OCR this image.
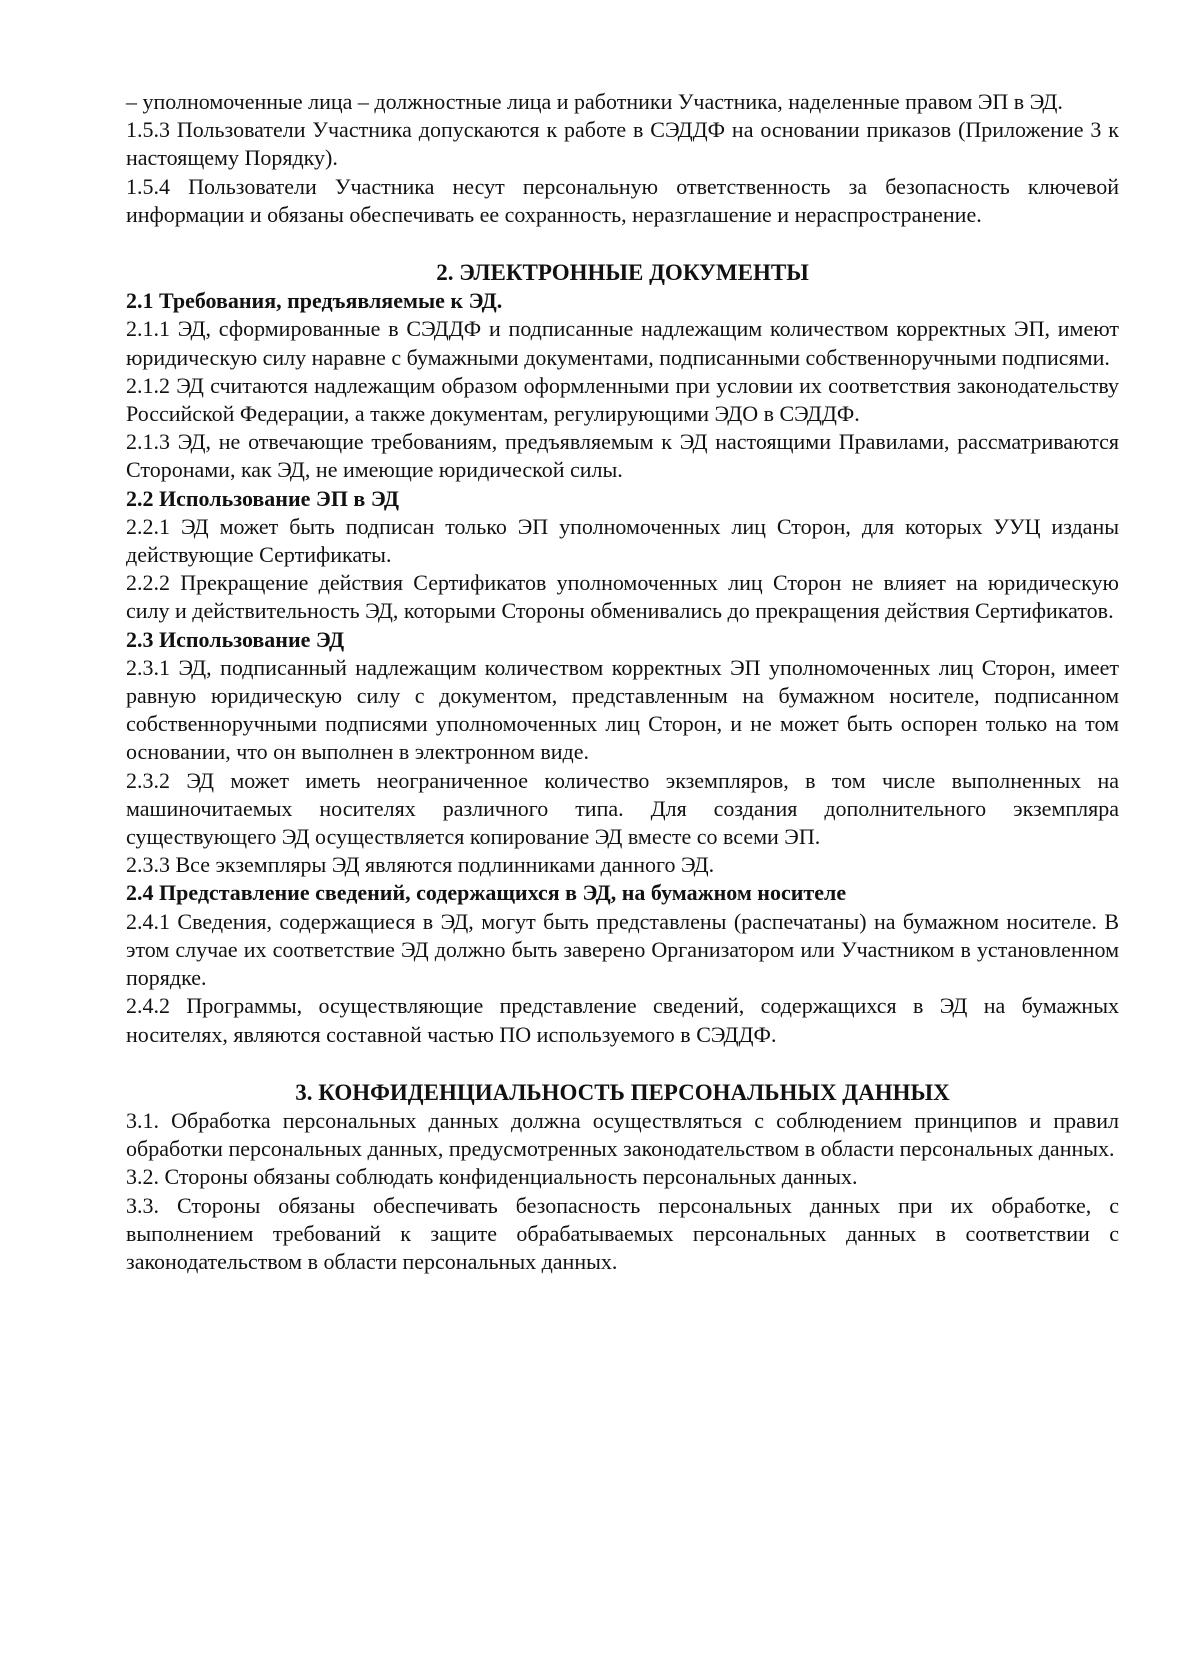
– уполномоченные лица – должностные лица и работники Участника, наделенные правом ЭП в ЭД.

1.5.3 Пользователи Участника допускаются к работе в СЭДДФ на основании приказов (Приложение 3 к настоящему Порядку).

1.5.4 Пользователи Участника несут персональную ответственность за безопасность ключевой информации и обязаны обеспечивать ее сохранность, неразглашение и нераспространение.

2. ЭЛЕКТРОННЫЕ ДОКУМЕНТЫ

2.1 Требования, предъявляемые к ЭД.

2.1.1 ЭД, сформированные в СЭДДФ и подписанные надлежащим количеством корректных ЭП, имеют юридическую силу наравне с бумажными документами, подписанными собственноручными подписями.

2.1.2 ЭД считаются надлежащим образом оформленными при условии их соответствия законодательству Российской Федерации, а также документам, регулирующими ЭДО в СЭДДФ.

2.1.3 ЭД, не отвечающие требованиям, предъявляемым к ЭД настоящими Правилами, рассматриваются Сторонами, как ЭД, не имеющие юридической силы.

2.2 Использование ЭП в ЭД

2.2.1 ЭД может быть подписан только ЭП уполномоченных лиц Сторон, для которых УУЦ изданы действующие Сертификаты.

2.2.2 Прекращение действия Сертификатов уполномоченных лиц Сторон не влияет на юридическую силу и действительность ЭД, которыми Стороны обменивались до прекращения действия Сертификатов.

2.3 Использование ЭД

2.3.1 ЭД, подписанный надлежащим количеством корректных ЭП уполномоченных лиц Сторон, имеет равную юридическую силу с документом, представленным на бумажном носителе, подписанном собственноручными подписями уполномоченных лиц Сторон, и не может быть оспорен только на том основании, что он выполнен в электронном виде.

2.3.2 ЭД может иметь неограниченное количество экземпляров, в том числе выполненных на машиночитаемых носителях различного типа. Для создания дополнительного экземпляра существующего ЭД осуществляется копирование ЭД вместе со всеми ЭП.

2.3.3 Все экземпляры ЭД являются подлинниками данного ЭД.

2.4 Представление сведений, содержащихся в ЭД, на бумажном носителе

2.4.1 Сведения, содержащиеся в ЭД, могут быть представлены (распечатаны) на бумажном носителе. В этом случае их соответствие ЭД должно быть заверено Организатором или Участником в установленном порядке.

2.4.2 Программы, осуществляющие представление сведений, содержащихся в ЭД на бумажных носителях, являются составной частью ПО используемого в СЭДДФ.

3. КОНФИДЕНЦИАЛЬНОСТЬ ПЕРСОНАЛЬНЫХ ДАННЫХ

3.1. Обработка персональных данных должна осуществляться с соблюдением принципов и правил обработки персональных данных, предусмотренных законодательством в области персональных данных.

3.2. Стороны обязаны соблюдать конфиденциальность персональных данных.

3.3. Стороны обязаны обеспечивать безопасность персональных данных при их обработке, с выполнением требований к защите обрабатываемых персональных данных в соответствии с законодательством в области персональных данных.
